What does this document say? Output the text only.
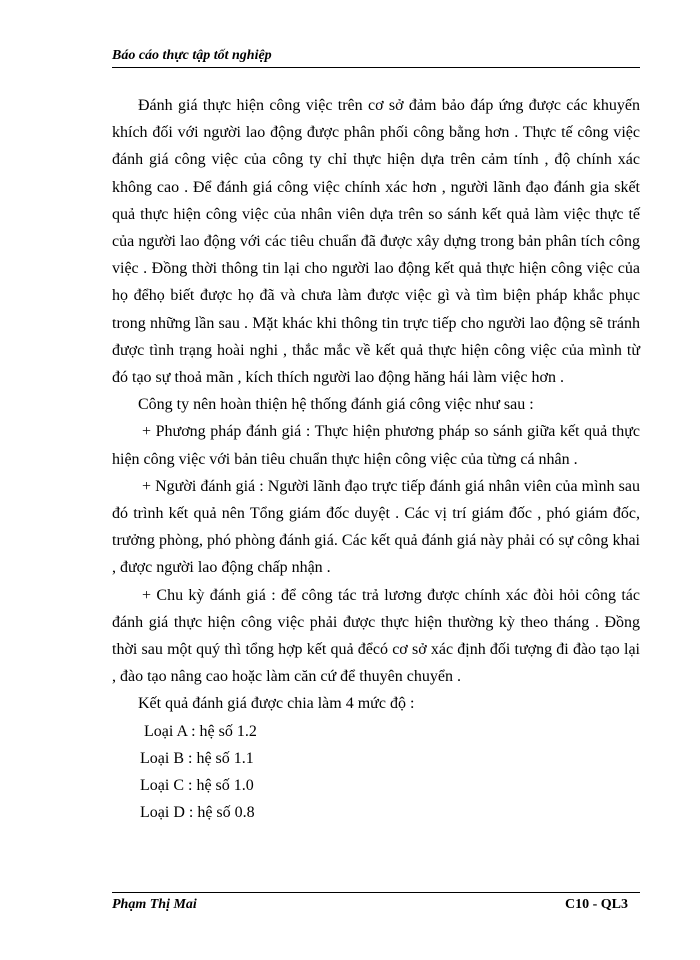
Báo cáo thực tập tốt nghiệp

Đánh giá thực hiện công việc trên cơ sở đảm bảo đáp ứng được các khuyến khích đối với người lao động được phân phối công bằng hơn . Thực tế công việc đánh giá công việc của công ty chỉ thực hiện dựa trên cảm tính , độ chính xác không cao . Để đánh giá công việc chính xác hơn , người lãnh đạo đánh gia skết quả thực hiện công việc của nhân viên dựa trên so sánh kết quả làm việc thực tế của người lao động với các tiêu chuẩn đã được xây dựng trong bản phân tích công việc . Đồng thời thông tin lại cho người lao động kết quả thực hiện công việc của họ đểhọ biết được họ đã và chưa làm được việc gì và tìm biện pháp khắc phục trong những lần sau . Mặt khác khi thông tin trực tiếp cho người lao động sẽ tránh được tình trạng hoài nghi , thắc mắc về kết quả thực hiện công việc của mình từ đó tạo sự thoả mãn , kích thích người lao động hăng hái làm việc hơn .

Công ty nên hoàn thiện hệ thống đánh giá công việc như sau :

+ Phương pháp đánh giá : Thực hiện phương pháp so sánh giữa kết quả thực hiện công việc với bản tiêu chuẩn thực hiện công việc của từng cá nhân .

+ Người đánh giá : Người lãnh đạo trực tiếp đánh giá nhân viên của mình sau đó trình kết quả nên Tổng giám đốc duyệt . Các vị trí giám đốc , phó giám đốc, trưởng phòng, phó phòng đánh giá. Các kết quả đánh giá này phải có sự công khai , được người lao động chấp nhận .

+ Chu kỳ đánh giá : để công tác trả lương được chính xác đòi hỏi công tác đánh giá thực hiện công việc phải được thực hiện thường kỳ theo tháng . Đồng thời sau một quý thì tổng hợp kết quả đểcó cơ sở xác định đối tượng đi đào tạo lại , đào tạo nâng cao hoặc làm căn cứ để thuyên chuyển .

Kết quả đánh giá được chia làm 4 mức độ :

Loại A : hệ số 1.2

Loại B : hệ số 1.1

Loại C : hệ số 1.0

Loại D : hệ số 0.8

Phạm Thị Mai	C10 - QL3
